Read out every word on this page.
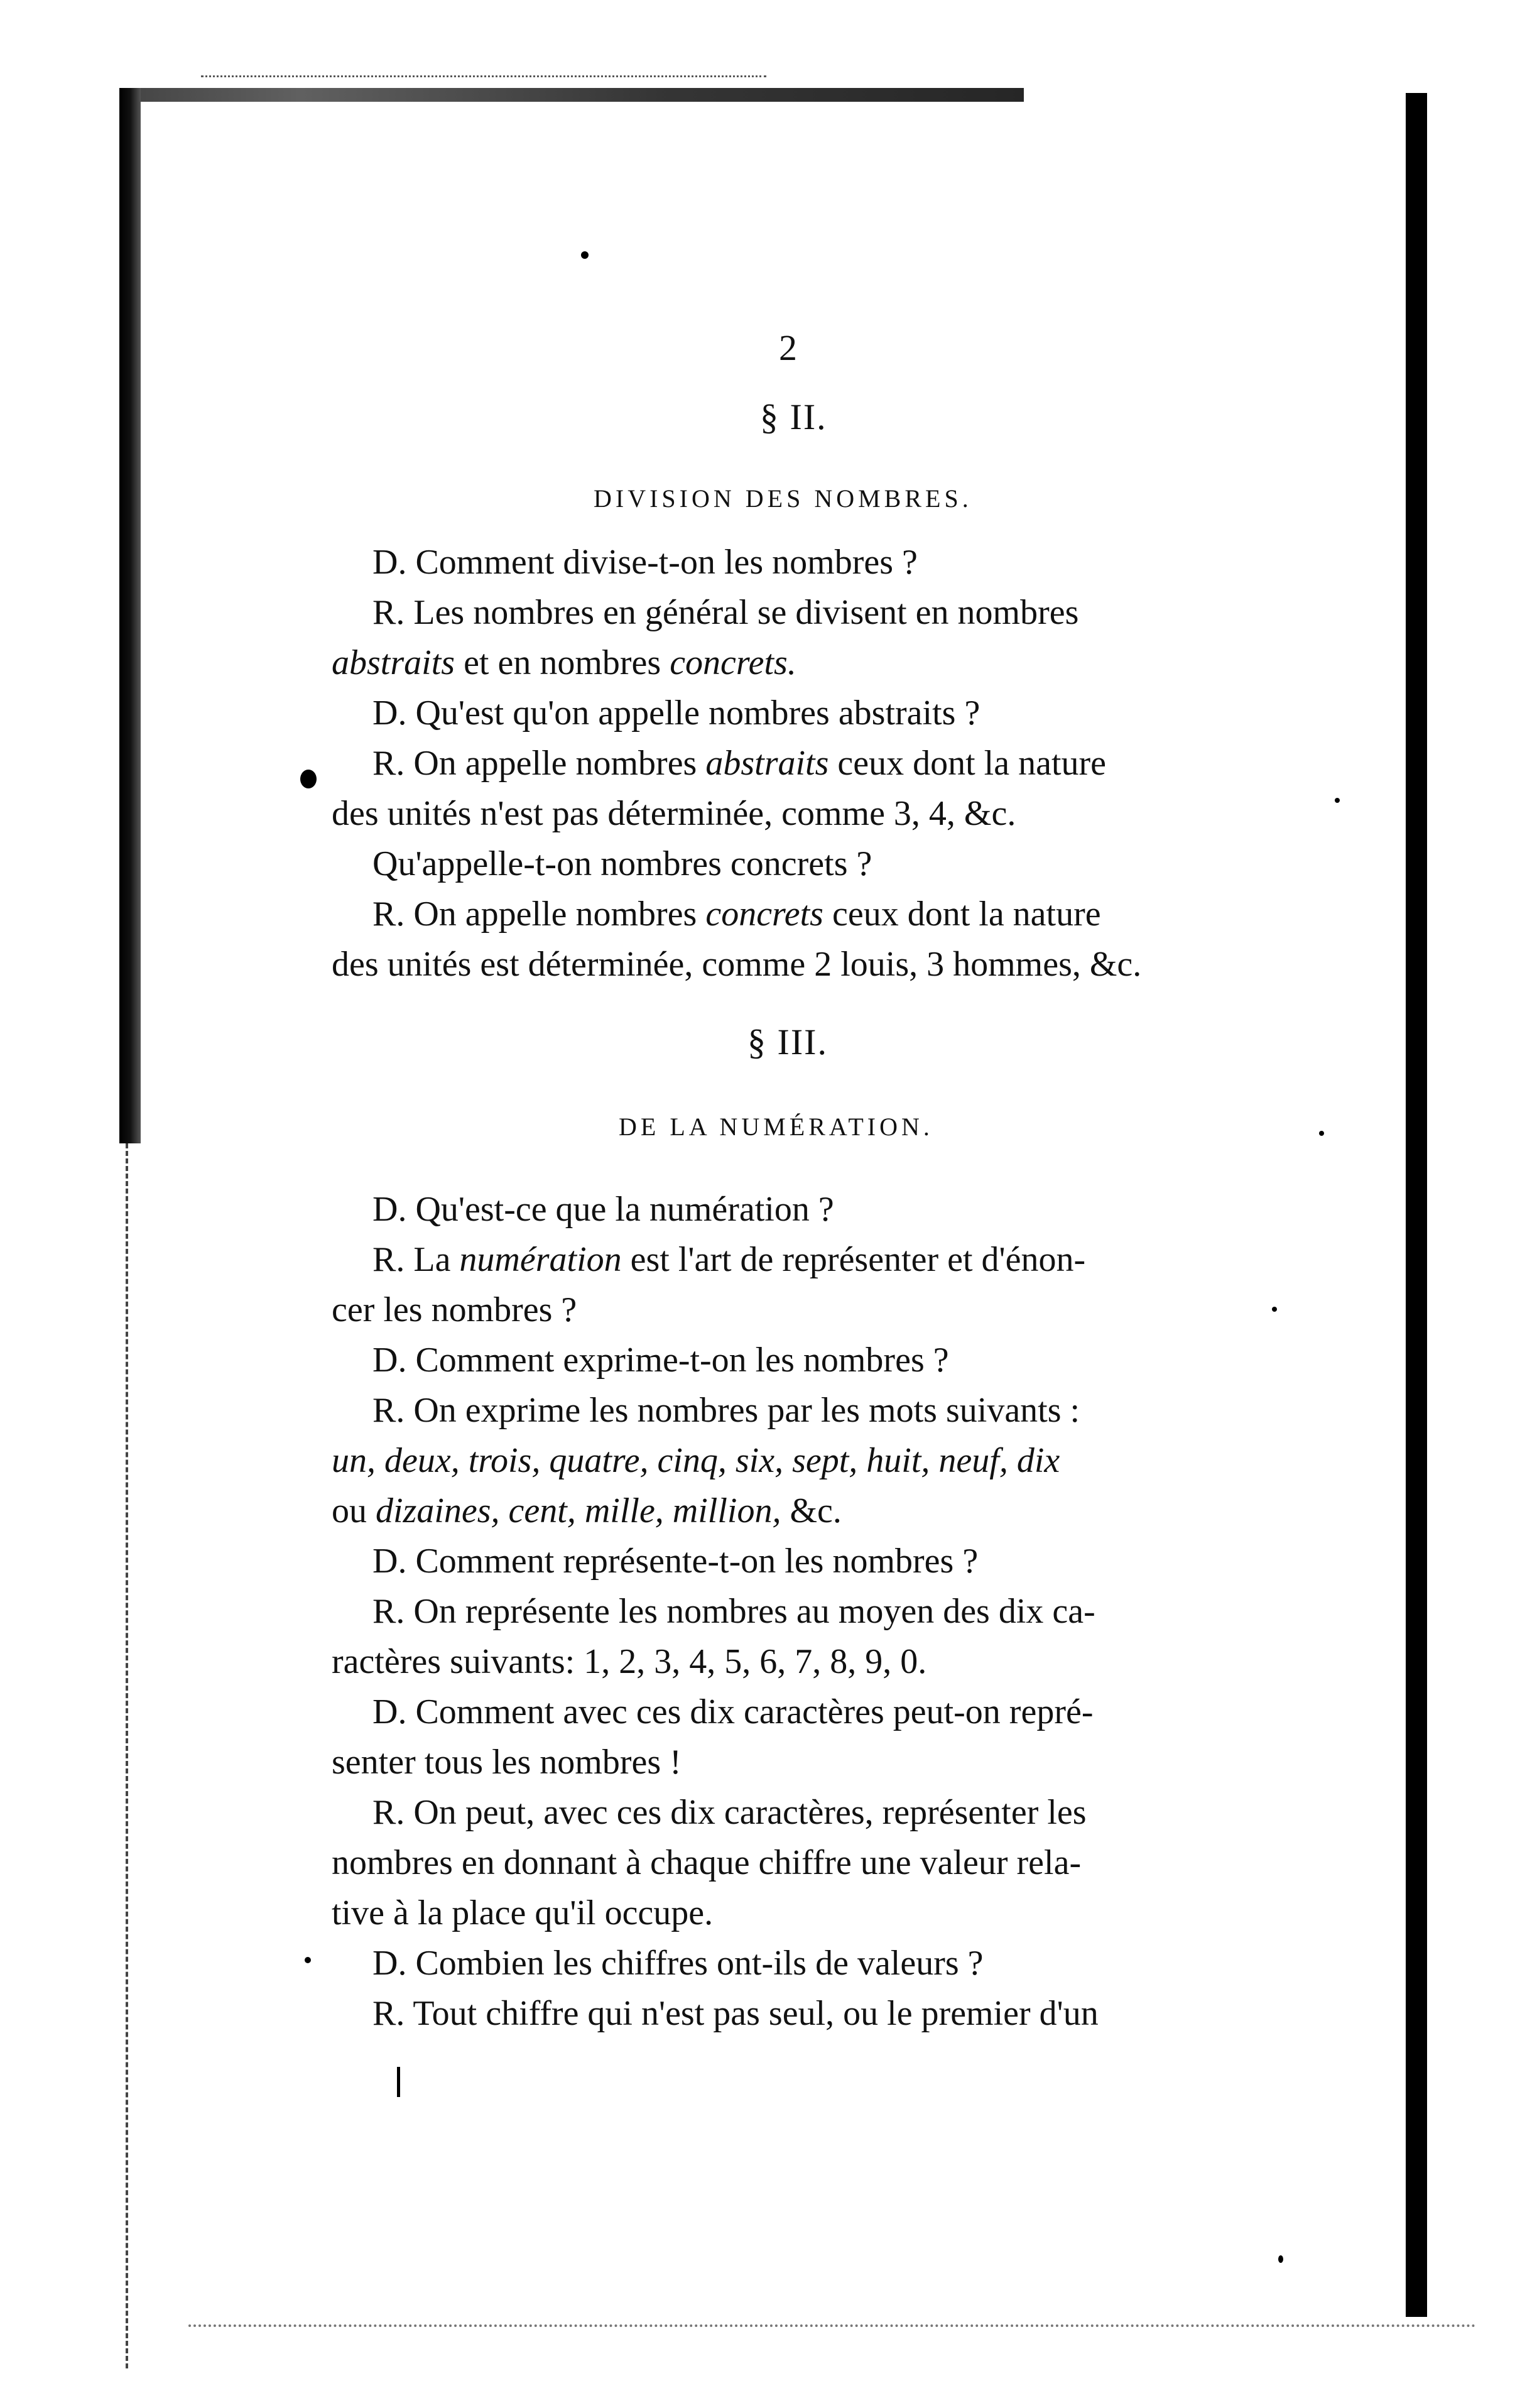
2
§ II.
DIVISION DES NOMBRES.
D. Comment divise-t-on les nombres ?
R. Les nombres en général se divisent en nombres
abstraits et en nombres concrets.
D. Qu'est qu'on appelle nombres abstraits ?
R. On appelle nombres abstraits ceux dont la nature
des unités n'est pas déterminée, comme 3, 4, &c.
Qu'appelle-t-on nombres concrets ?
R. On appelle nombres concrets ceux dont la nature
des unités est déterminée, comme 2 louis, 3 hommes, &c.
§ III.
DE LA NUMÉRATION.
D. Qu'est-ce que la numération ?
R. La numération est l'art de représenter et d'énon-
cer les nombres ?
D. Comment exprime-t-on les nombres ?
R. On exprime les nombres par les mots suivants :
un, deux, trois, quatre, cinq, six, sept, huit, neuf, dix
ou dizaines, cent, mille, million, &c.
D. Comment représente-t-on les nombres ?
R. On représente les nombres au moyen des dix ca-
ractères suivants: 1, 2, 3, 4, 5, 6, 7, 8, 9, 0.
D. Comment avec ces dix caractères peut-on repré-
senter tous les nombres !
R. On peut, avec ces dix caractères, représenter les
nombres en donnant à chaque chiffre une valeur rela-
tive à la place qu'il occupe.
D. Combien les chiffres ont-ils de valeurs ?
R. Tout chiffre qui n'est pas seul, ou le premier d'un
